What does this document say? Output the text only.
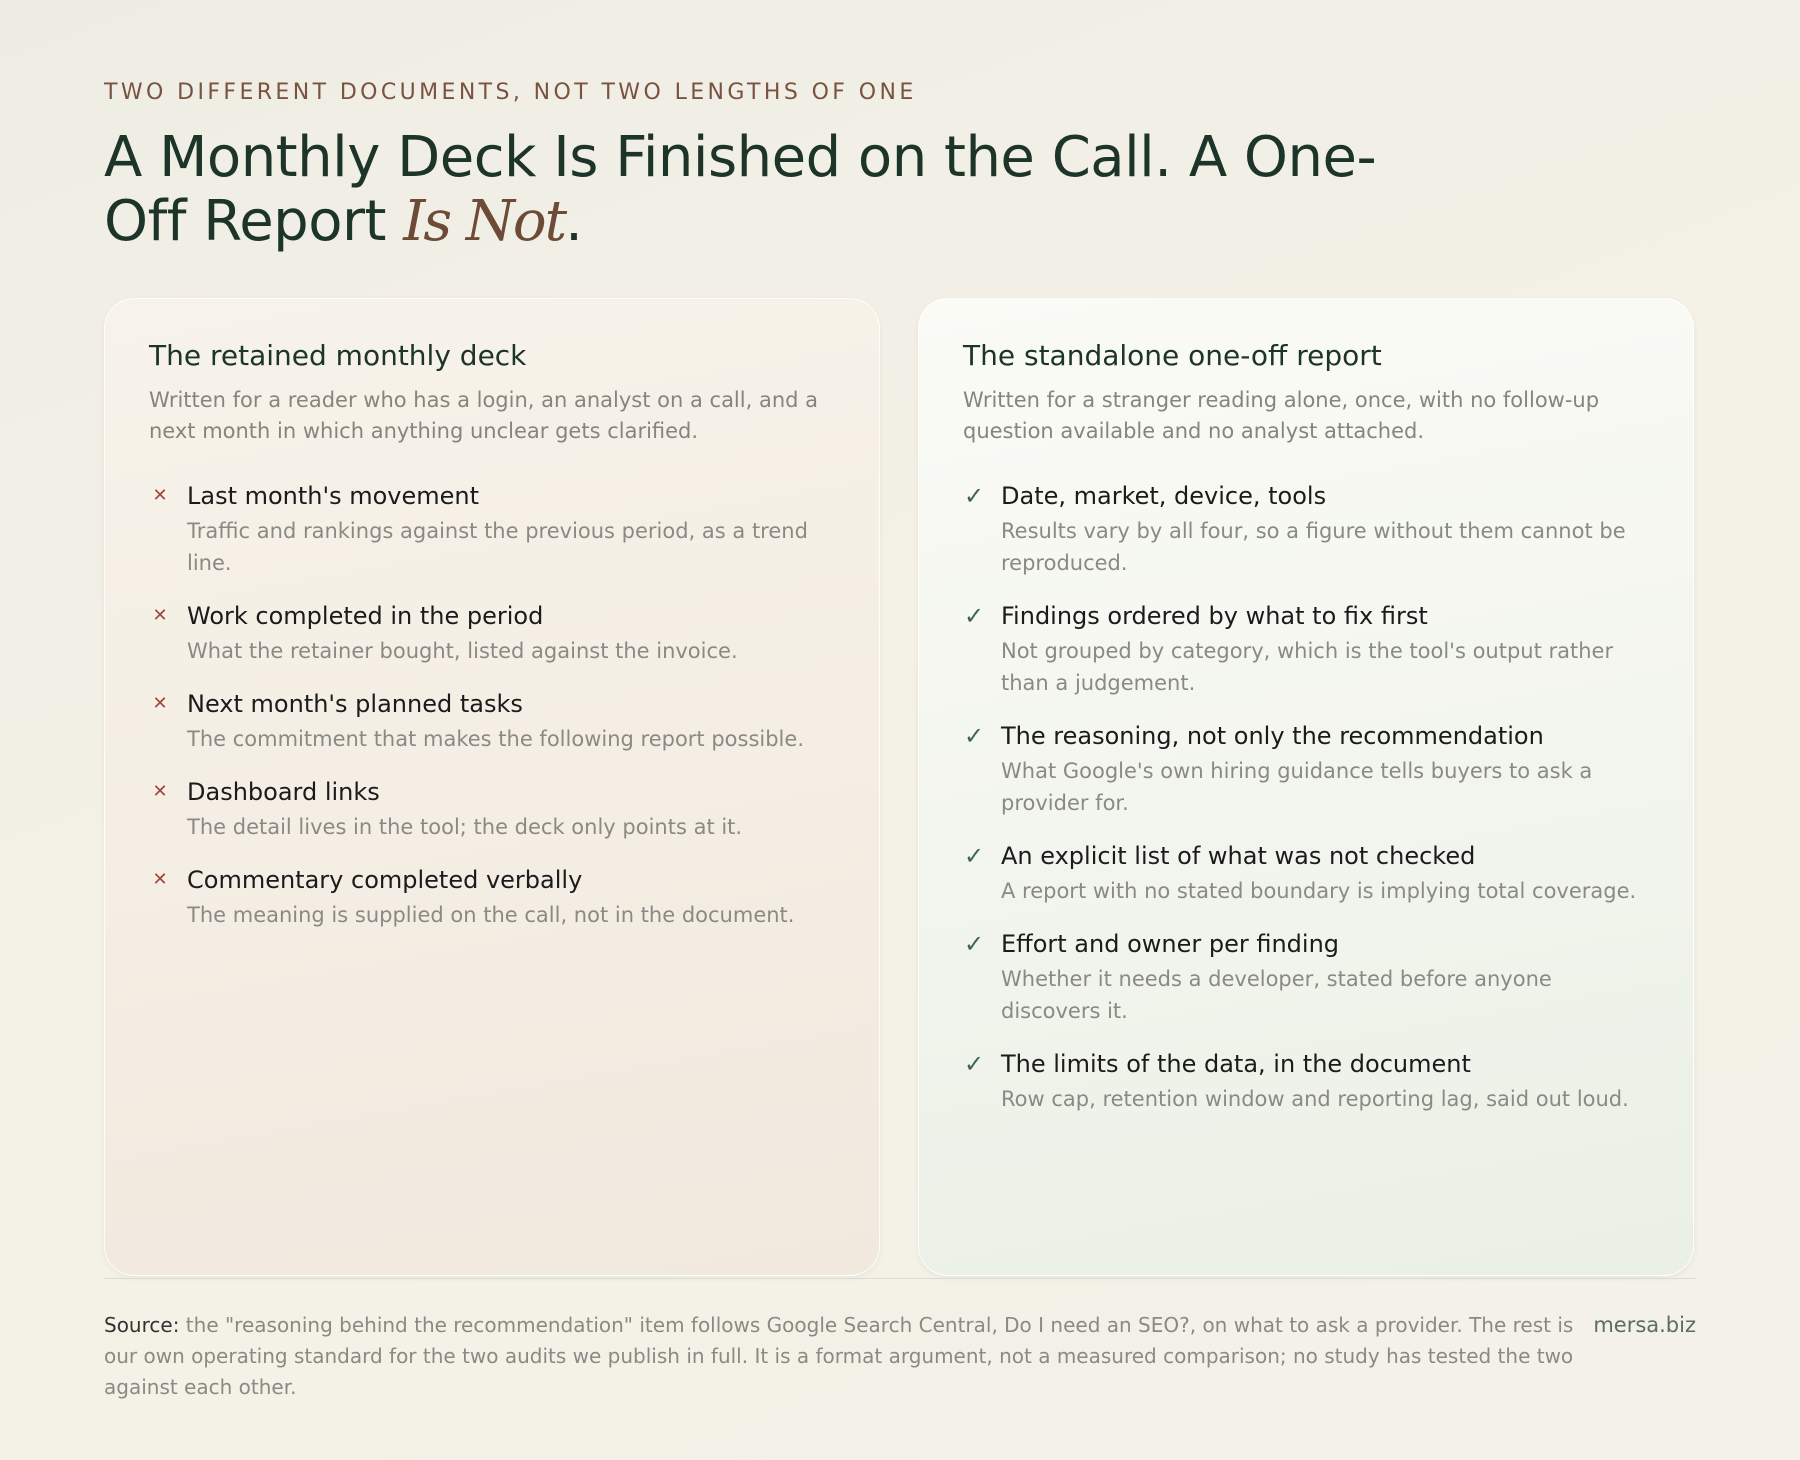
TWO DIFFERENT DOCUMENTS, NOT TWO LENGTHS OF ONE
A Monthly Deck Is Finished on the Call. A One-Off Report Is Not.
The retained monthly deck

Written for a reader who has a login, an analyst on a call, and a next month in which anything unclear gets clarified.

✕ Last month's movement
Traffic and rankings against the previous period, as a trend line.
✕ Work completed in the period
What the retainer bought, listed against the invoice.
✕ Next month's planned tasks
The commitment that makes the following report possible.
✕ Dashboard links
The detail lives in the tool; the deck only points at it.
✕ Commentary completed verbally
The meaning is supplied on the call, not in the document.
The standalone one-off report

Written for a stranger reading alone, once, with no follow-up question available and no analyst attached.

✓ Date, market, device, tools
Results vary by all four, so a figure without them cannot be reproduced.
✓ Findings ordered by what to fix first
Not grouped by category, which is the tool's output rather than a judgement.
✓ The reasoning, not only the recommendation
What Google's own hiring guidance tells buyers to ask a provider for.
✓ An explicit list of what was not checked
A report with no stated boundary is implying total coverage.
✓ Effort and owner per finding
Whether it needs a developer, stated before anyone discovers it.
✓ The limits of the data, in the document
Row cap, retention window and reporting lag, said out loud.

Source: the "reasoning behind the recommendation" item follows Google Search Central, Do I need an SEO?, on what to ask a provider. The rest is our own operating standard for the two audits we publish in full. It is a format argument, not a measured comparison; no study has tested the two against each other.

mersa.biz
